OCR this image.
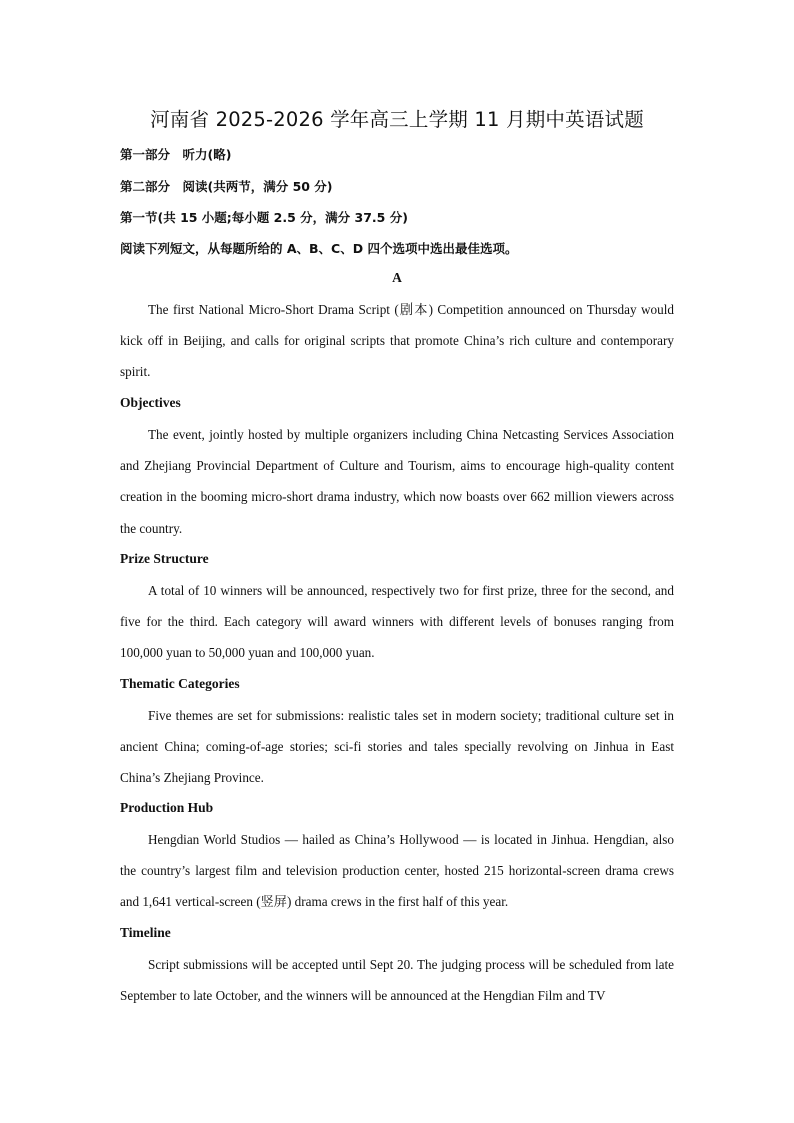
河南省 2025-2026 学年高三上学期 11 月期中英语试题
第一部分　听力(略)
第二部分　阅读(共两节，满分 50 分)
第一节(共 15 小题;每小题 2.5 分，满分 37.5 分)
阅读下列短文，从每题所给的 A、B、C、D 四个选项中选出最佳选项。
A
The first National Micro-Short Drama Script (剧本) Competition announced on Thursday would kick off in Beijing, and calls for original scripts that promote China’s rich culture and contemporary spirit.
Objectives
The event, jointly hosted by multiple organizers including China Netcasting Services Association and Zhejiang Provincial Department of Culture and Tourism, aims to encourage high-quality content creation in the booming micro-short drama industry, which now boasts over 662 million viewers across the country.
Prize Structure
A total of 10 winners will be announced, respectively two for first prize, three for the second, and five for the third. Each category will award winners with different levels of bonuses ranging from 100,000 yuan to 50,000 yuan and 100,000 yuan.
Thematic Categories
Five themes are set for submissions: realistic tales set in modern society; traditional culture set in ancient China; coming-of-age stories; sci-fi stories and tales specially revolving on Jinhua in East China’s Zhejiang Province.
Production Hub
Hengdian World Studios — hailed as China’s Hollywood — is located in Jinhua. Hengdian, also the country’s largest film and television production center, hosted 215 horizontal-screen drama crews and 1,641 vertical-screen (竖屏) drama crews in the first half of this year.
Timeline
Script submissions will be accepted until Sept 20. The judging process will be scheduled from late September to late October, and the winners will be announced at the Hengdian Film and TV
